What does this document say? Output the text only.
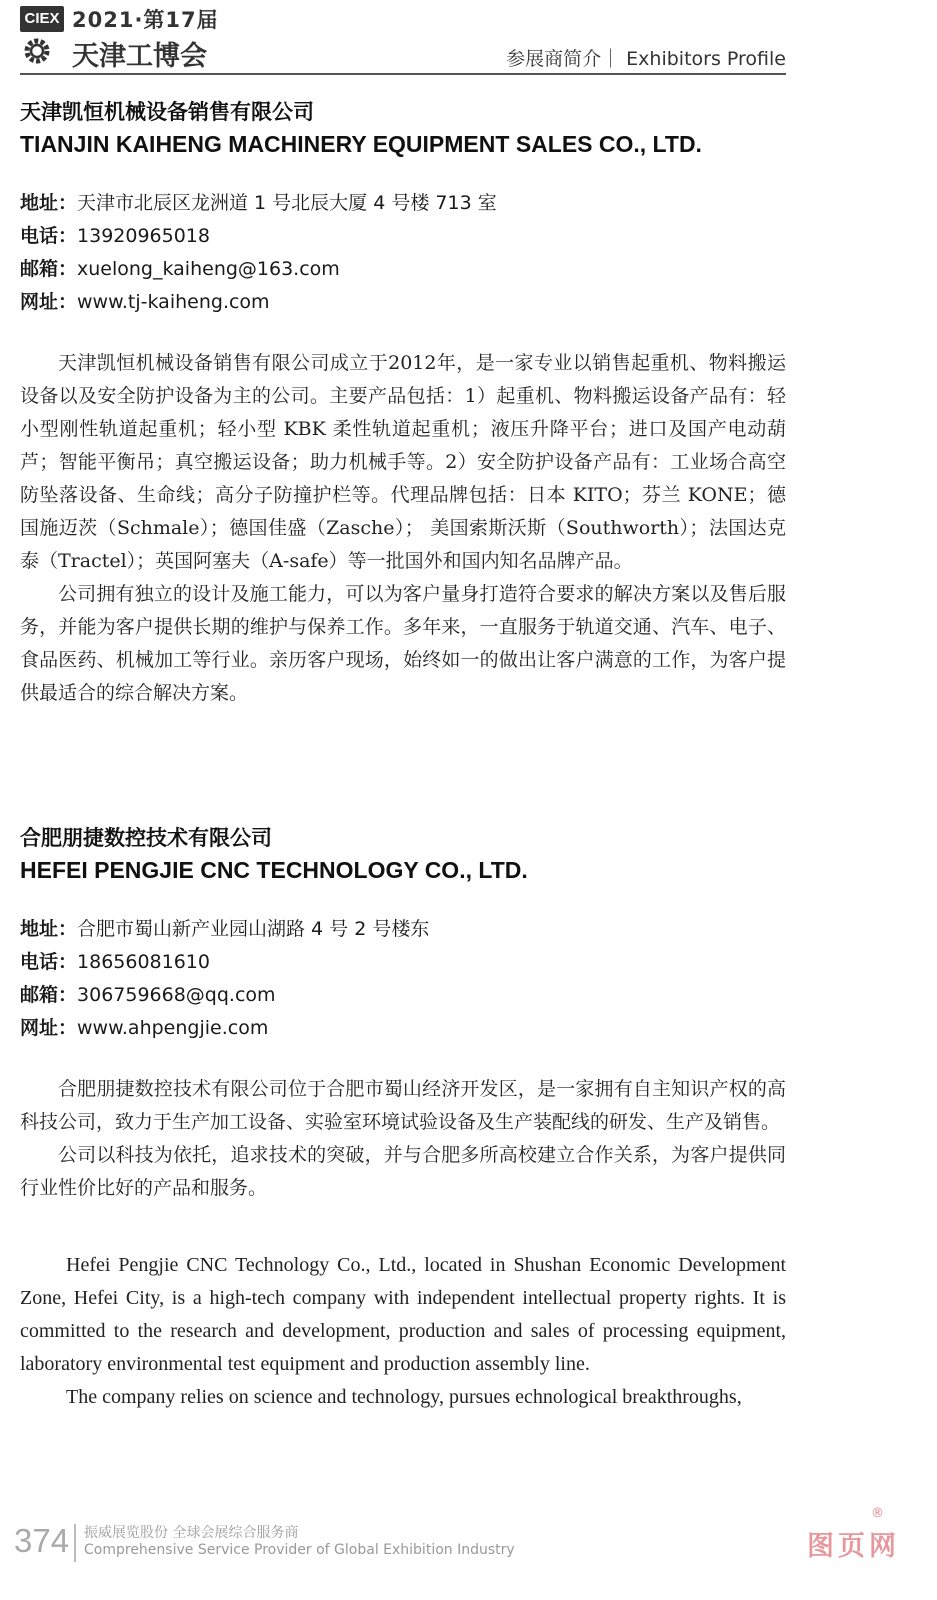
CIEX 2021·第17届
天津工博会	参展商简介｜ Exhibitors Profile
天津凯恒机械设备销售有限公司
TIANJIN KAIHENG MACHINERY EQUIPMENT SALES CO., LTD.
地址：天津市北辰区龙洲道 1 号北辰大厦 4 号楼 713 室
电话：13920965018
邮箱：xuelong_kaiheng@163.com
网址：www.tj-kaiheng.com

天津凯恒机械设备销售有限公司成立于2012年，是一家专业以销售起重机、物料搬运设备以及安全防护设备为主的公司。主要产品包括：1）起重机、物料搬运设备产品有：轻小型刚性轨道起重机；轻小型 KBK 柔性轨道起重机；液压升降平台；进口及国产电动葫芦；智能平衡吊；真空搬运设备；助力机械手等。2）安全防护设备产品有：工业场合高空防坠落设备、生命线；高分子防撞护栏等。代理品牌包括：日本 KITO；芬兰 KONE；德国施迈茨（Schmale）；德国佳盛（Zasche）； 美国索斯沃斯（Southworth）；法国达克泰（Tractel）；英国阿塞夫（A-safe）等一批国外和国内知名品牌产品。

公司拥有独立的设计及施工能力，可以为客户量身打造符合要求的解决方案以及售后服务，并能为客户提供长期的维护与保养工作。多年来，一直服务于轨道交通、汽车、电子、食品医药、机械加工等行业。亲历客户现场，始终如一的做出让客户满意的工作，为客户提供最适合的综合解决方案。

合肥朋捷数控技术有限公司
HEFEI PENGJIE CNC TECHNOLOGY CO., LTD.
地址：合肥市蜀山新产业园山湖路 4 号 2 号楼东
电话：18656081610
邮箱：306759668@qq.com
网址：www.ahpengjie.com

合肥朋捷数控技术有限公司位于合肥市蜀山经济开发区，是一家拥有自主知识产权的高科技公司，致力于生产加工设备、实验室环境试验设备及生产装配线的研发、生产及销售。

公司以科技为依托，追求技术的突破，并与合肥多所高校建立合作关系，为客户提供同行业性价比好的产品和服务。

Hefei Pengjie CNC Technology Co., Ltd., located in Shushan Economic Development Zone, Hefei City, is a high-tech company with independent intellectual property rights. It is committed to the research and development, production and sales of processing equipment, laboratory environmental test equipment and production assembly line.

The company relies on science and technology, pursues echnological breakthroughs,

374 振威展览股份 全球会展综合服务商
Comprehensive Service Provider of Global Exhibition Industry
®
图页网
